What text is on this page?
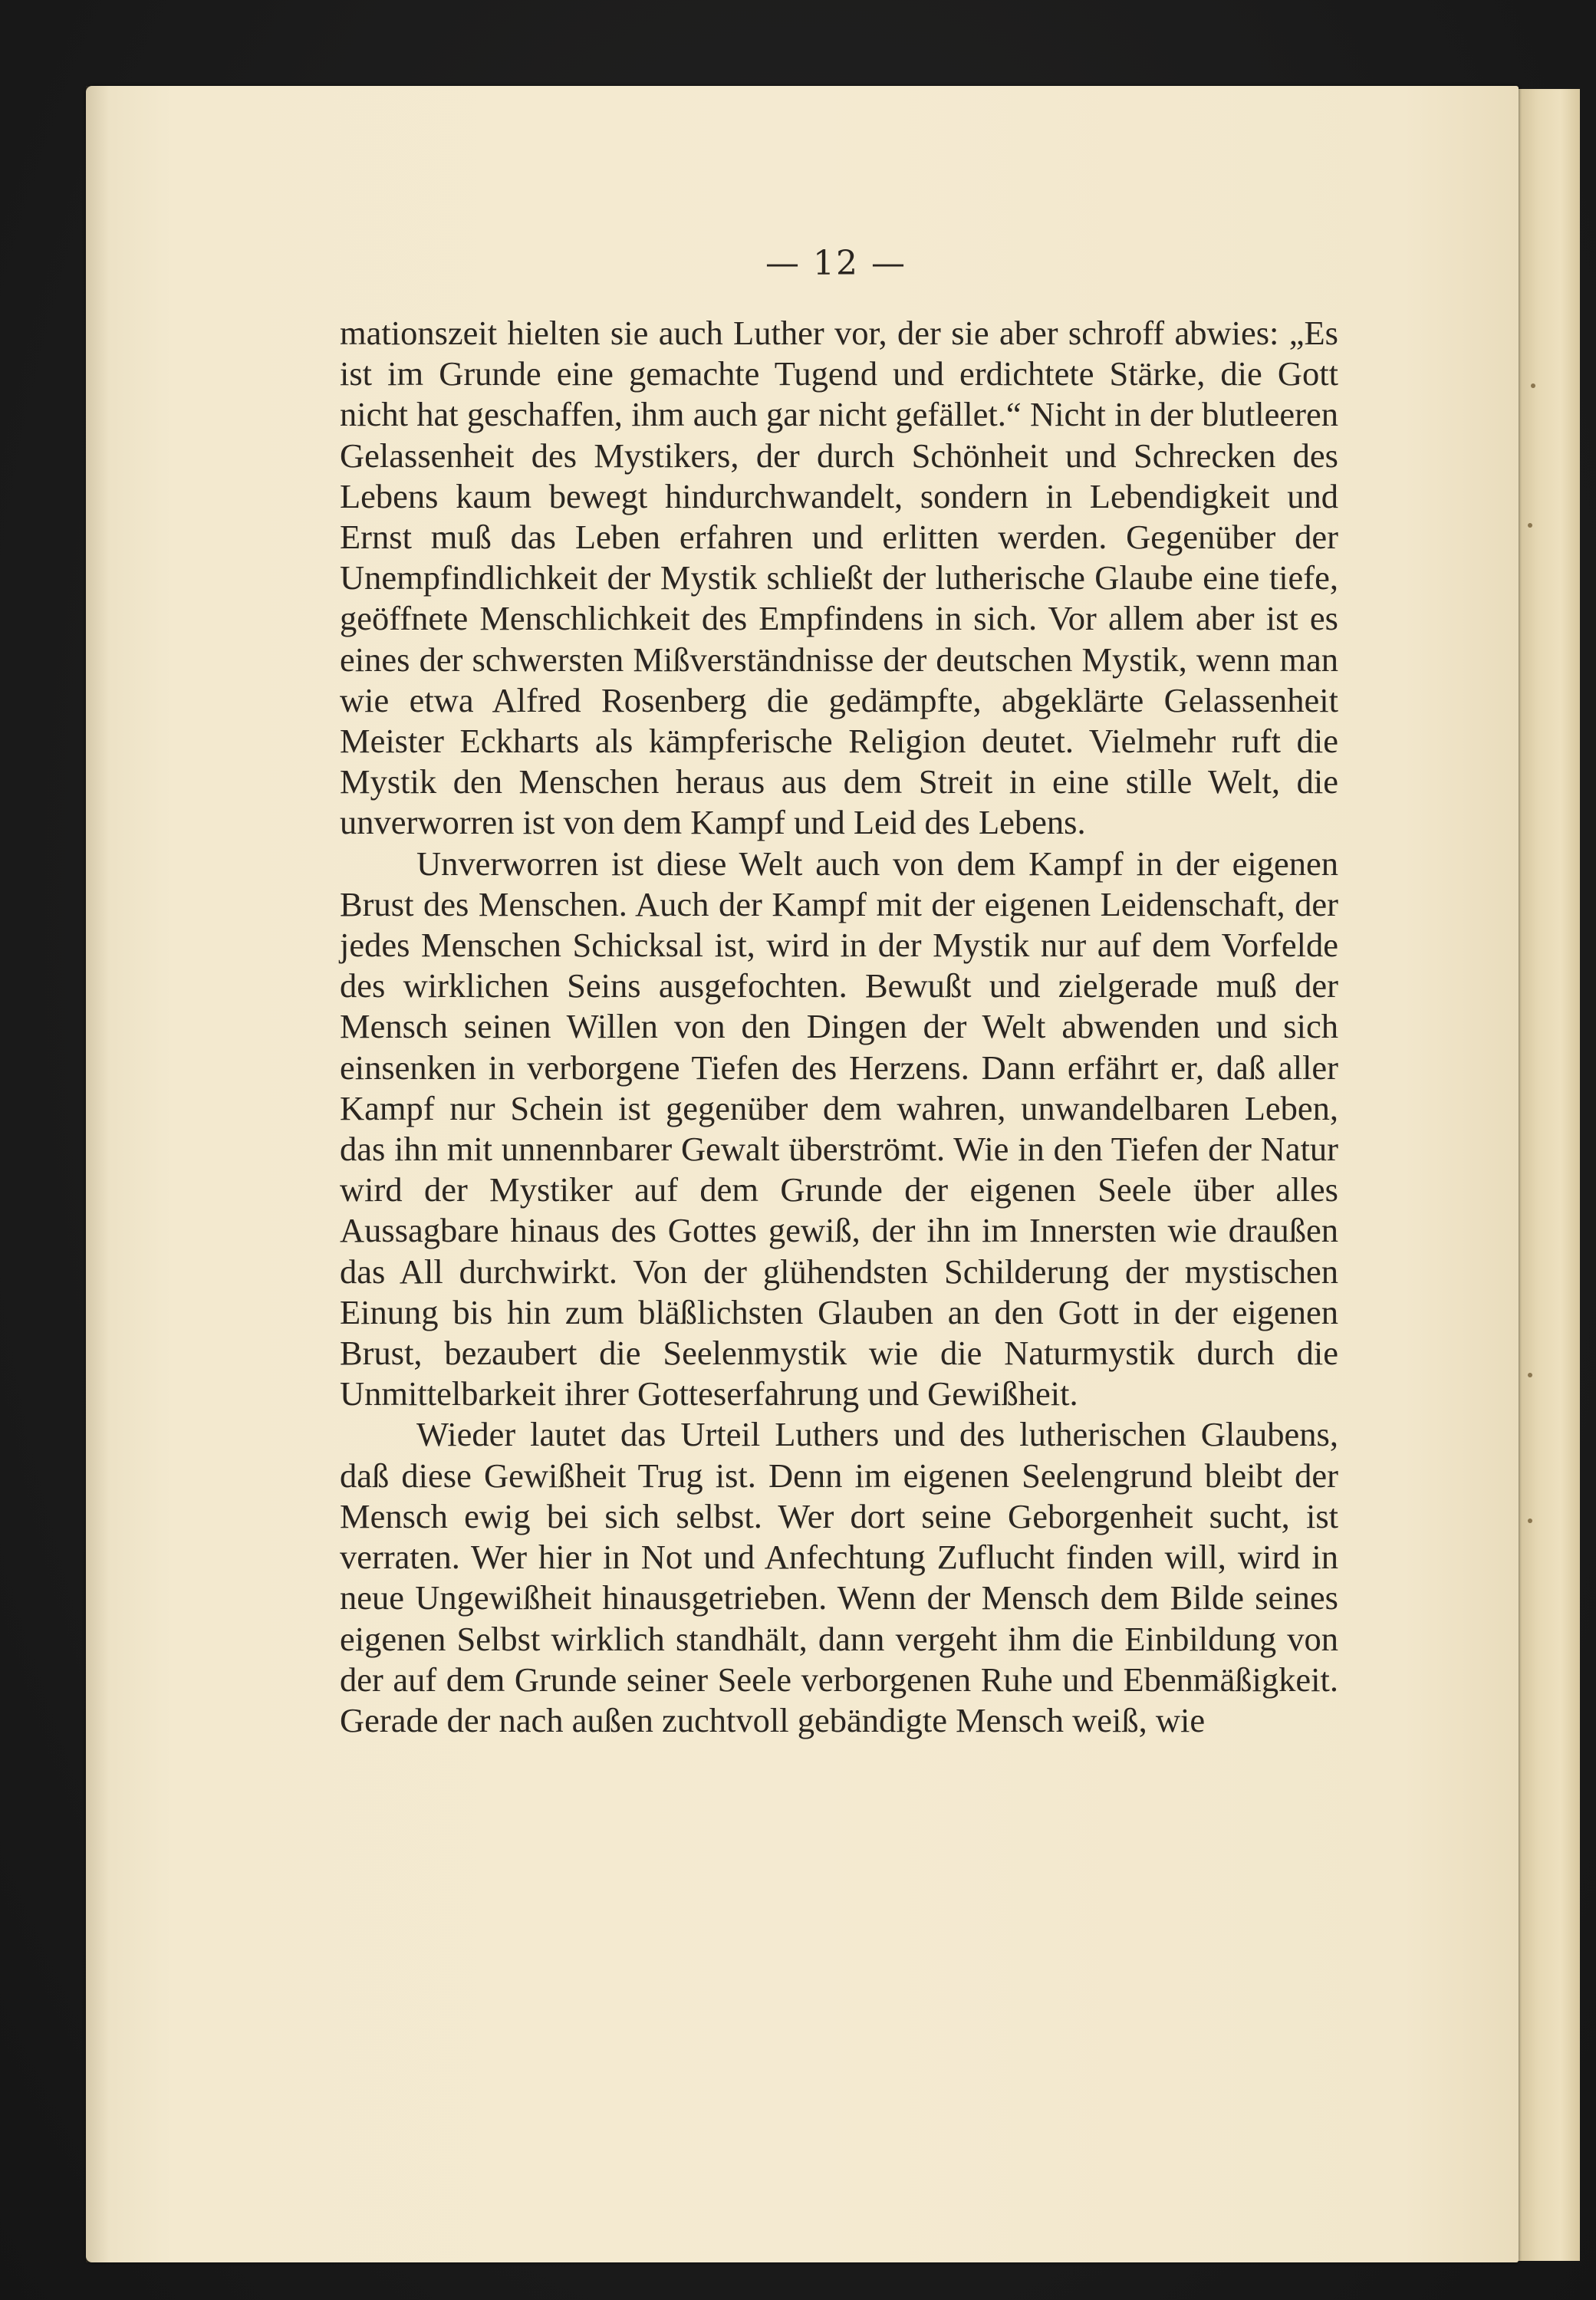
— 12 —

mationszeit hielten sie auch Luther vor, der sie aber schroff abwies: „Es ist im Grunde eine gemachte Tugend und erdichtete Stärke, die Gott nicht hat geschaffen, ihm auch gar nicht gefället.“ Nicht in der blutleeren Gelassenheit des Mystikers, der durch Schönheit und Schrecken des Lebens kaum bewegt hindurchwandelt, sondern in Lebendigkeit und Ernst muß das Leben erfahren und erlitten werden. Gegenüber der Unempfindlichkeit der Mystik schließt der lutherische Glaube eine tiefe, geöffnete Menschlichkeit des Empfindens in sich. Vor allem aber ist es eines der schwersten Mißverständnisse der deutschen Mystik, wenn man wie etwa Alfred Rosenberg die gedämpfte, abgeklärte Gelassenheit Meister Eckharts als kämpferische Religion deutet. Vielmehr ruft die Mystik den Menschen heraus aus dem Streit in eine stille Welt, die unverworren ist von dem Kampf und Leid des Lebens.

Unverworren ist diese Welt auch von dem Kampf in der eigenen Brust des Menschen. Auch der Kampf mit der eigenen Leidenschaft, der jedes Menschen Schicksal ist, wird in der Mystik nur auf dem Vorfelde des wirklichen Seins ausgefochten. Bewußt und zielgerade muß der Mensch seinen Willen von den Dingen der Welt abwenden und sich einsenken in verborgene Tiefen des Herzens. Dann erfährt er, daß aller Kampf nur Schein ist gegenüber dem wahren, unwandelbaren Leben, das ihn mit unnennbarer Gewalt überströmt. Wie in den Tiefen der Natur wird der Mystiker auf dem Grunde der eigenen Seele über alles Aussagbare hinaus des Gottes gewiß, der ihn im Innersten wie draußen das All durchwirkt. Von der glühendsten Schilderung der mystischen Einung bis hin zum bläßlichsten Glauben an den Gott in der eigenen Brust, bezaubert die Seelenmystik wie die Naturmystik durch die Unmittelbarkeit ihrer Gotteserfahrung und Gewißheit.

Wieder lautet das Urteil Luthers und des lutherischen Glaubens, daß diese Gewißheit Trug ist. Denn im eigenen Seelengrund bleibt der Mensch ewig bei sich selbst. Wer dort seine Geborgenheit sucht, ist verraten. Wer hier in Not und Anfechtung Zuflucht finden will, wird in neue Ungewißheit hinausgetrieben. Wenn der Mensch dem Bilde seines eigenen Selbst wirklich standhält, dann vergeht ihm die Einbildung von der auf dem Grunde seiner Seele verborgenen Ruhe und Ebenmäßigkeit. Gerade der nach außen zuchtvoll gebändigte Mensch weiß, wie
